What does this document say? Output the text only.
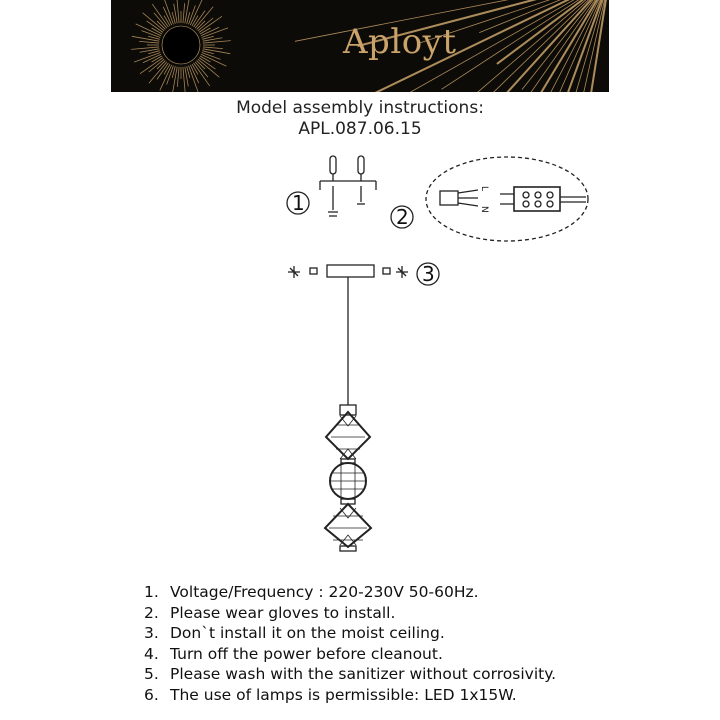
Aployt
Model assembly instructions:
APL.087.06.15
1
2
L
N
3
1. Voltage/Frequency : 220-230V 50-60Hz.
2. Please wear gloves to install.
3. Don`t install it on the moist ceiling.
4. Turn off the power before cleanout.
5. Please wash with the sanitizer without corrosivity.
6. The use of lamps is permissible: LED 1x15W.
